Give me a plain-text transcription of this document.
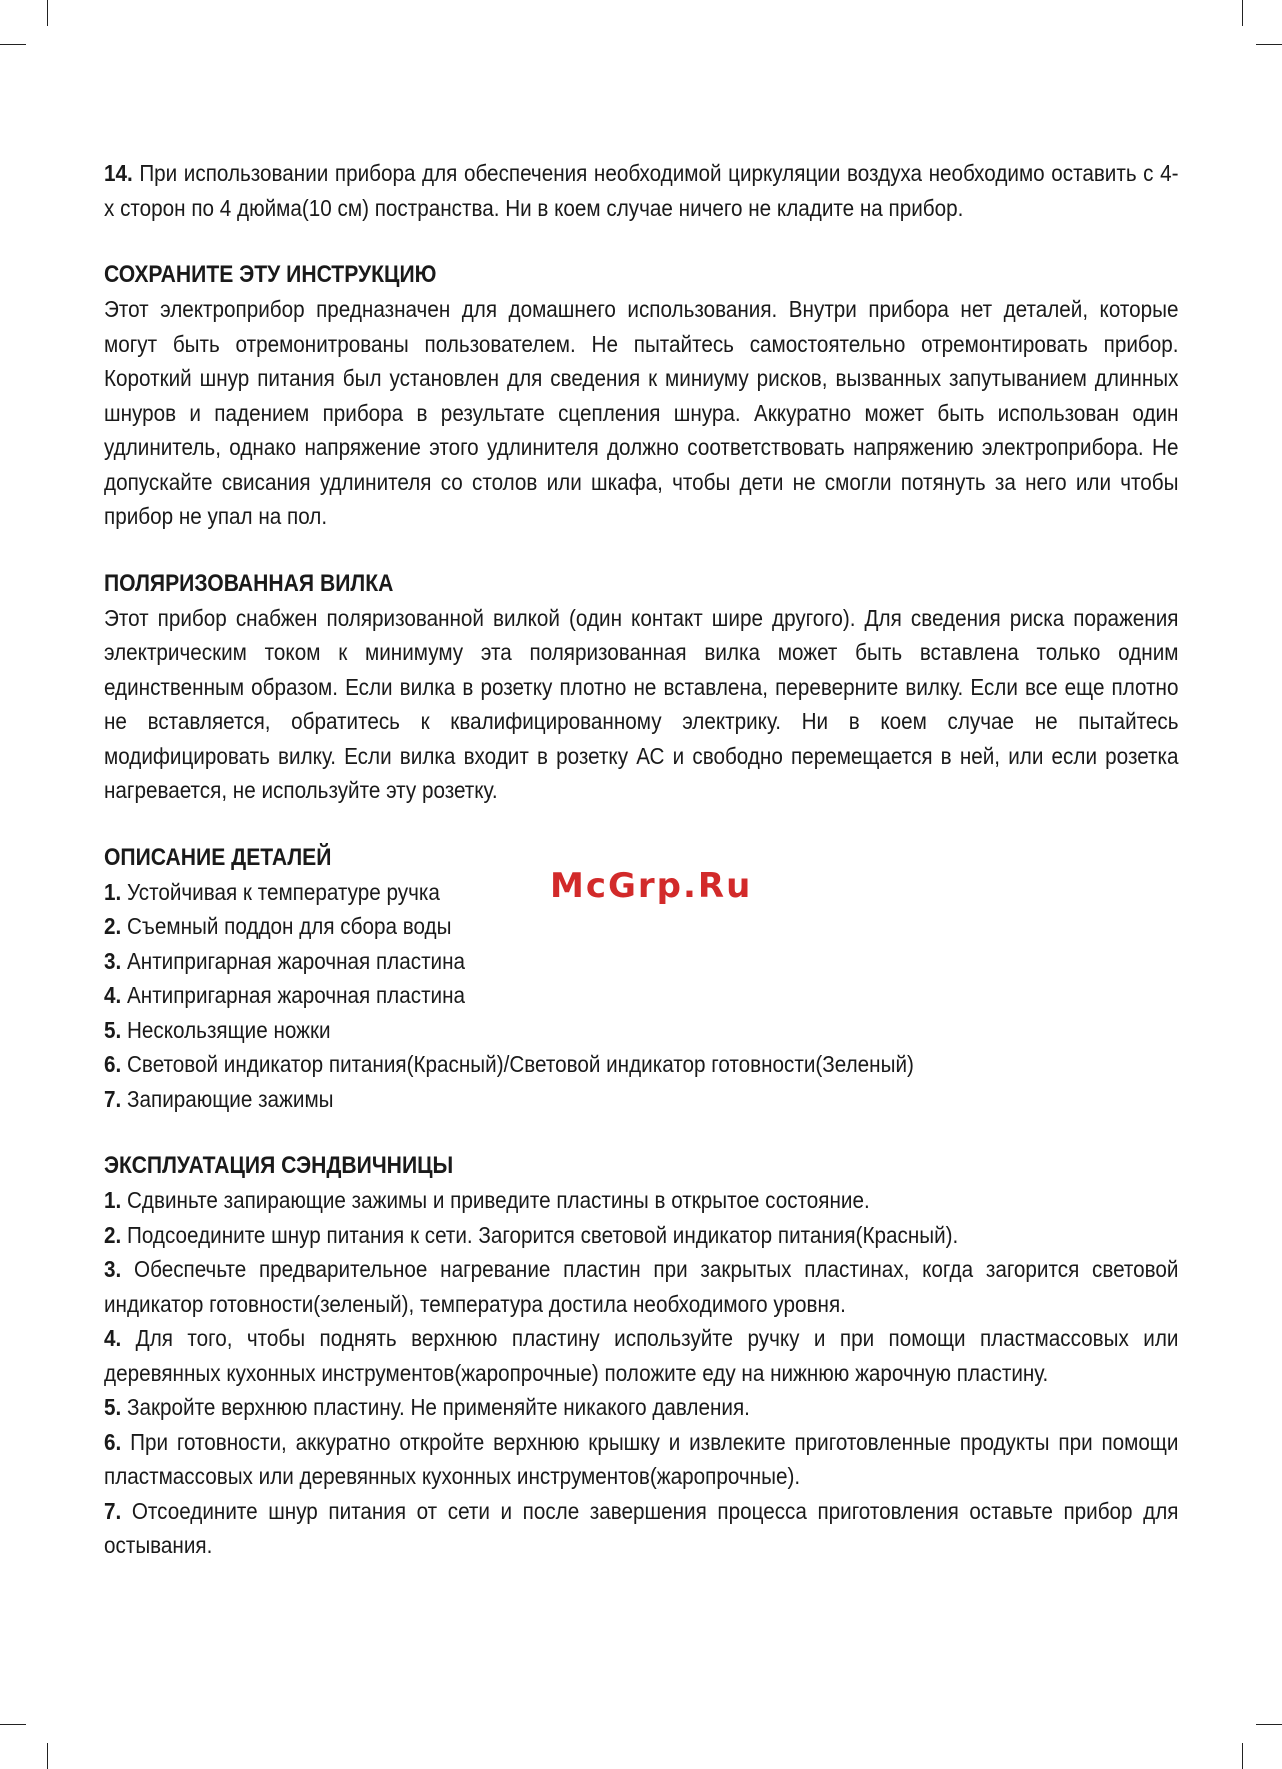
McGrp.Ru

14. При использовании прибора для обеспечения необходимой циркуляции воздуха необходимо оставить с 4-х сторон по 4 дюйма(10 см) постранства. Ни в коем случае ничего не кладите на прибор.

СОХРАНИТЕ ЭТУ ИНСТРУКЦИЮ

Этот электроприбор предназначен для домашнего использования. Внутри прибора нет деталей, которые могут быть отремонитрованы пользователем. Не пытайтесь самостоятельно отремонтировать прибор. Короткий шнур питания был установлен для сведения к миниуму рисков, вызванных запутыванием длинных шнуров и падением прибора в результате сцепления шнура. Аккуратно может быть использован один удлинитель, однако напряжение этого удлинителя должно соответствовать напряжению электроприбора. Не допускайте свисания удлинителя со столов или шкафа, чтобы дети не смогли потянуть за него или чтобы прибор не упал на пол.

ПОЛЯРИЗОВАННАЯ ВИЛКА

Этот прибор снабжен поляризованной вилкой (один контакт шире другого). Для сведения риска поражения электрическим током к минимуму эта поляризованная вилка может быть вставлена только одним единственным образом. Если вилка в розетку плотно не вставлена, переверните вилку. Если все еще плотно не вставляется, обратитесь к квалифицированному электрику. Ни в коем случае не пытайтесь модифицировать вилку. Если вилка входит в розетку АС и свободно перемещается в ней, или если розетка нагревается, не используйте эту розетку.

ОПИСАНИЕ ДЕТАЛЕЙ

1. Устойчивая к температуре ручка

2. Съемный поддон для сбора воды

3. Антипригарная жарочная пластина

4. Антипригарная жарочная пластина

5. Нескользящие ножки

6. Световой индикатор питания(Красный)/Световой индикатор готовности(Зеленый)

7. Запирающие зажимы

ЭКСПЛУАТАЦИЯ СЭНДВИЧНИЦЫ

1. Сдвиньте запирающие зажимы и приведите пластины в открытое состояние.

2. Подсоедините шнур питания к сети. Загорится световой индикатор питания(Красный).

3. Обеспечьте предварительное нагревание пластин при закрытых пластинах, когда загорится световой индикатор готовности(зеленый), температура достила необходимого уровня.

4. Для того, чтобы поднять верхнюю пластину используйте ручку и при помощи пластмассовых или деревянных кухонных инструментов(жаропрочные) положите еду на нижнюю жарочную пластину.

5. Закройте верхнюю пластину. Не применяйте никакого давления.

6. При готовности, аккуратно откройте верхнюю крышку и извлеките приготовленные продукты при помощи пластмассовых или деревянных кухонных инструментов(жаропрочные).

7. Отсоедините шнур питания от сети и после завершения процесса приготовления оставьте прибор для остывания.
